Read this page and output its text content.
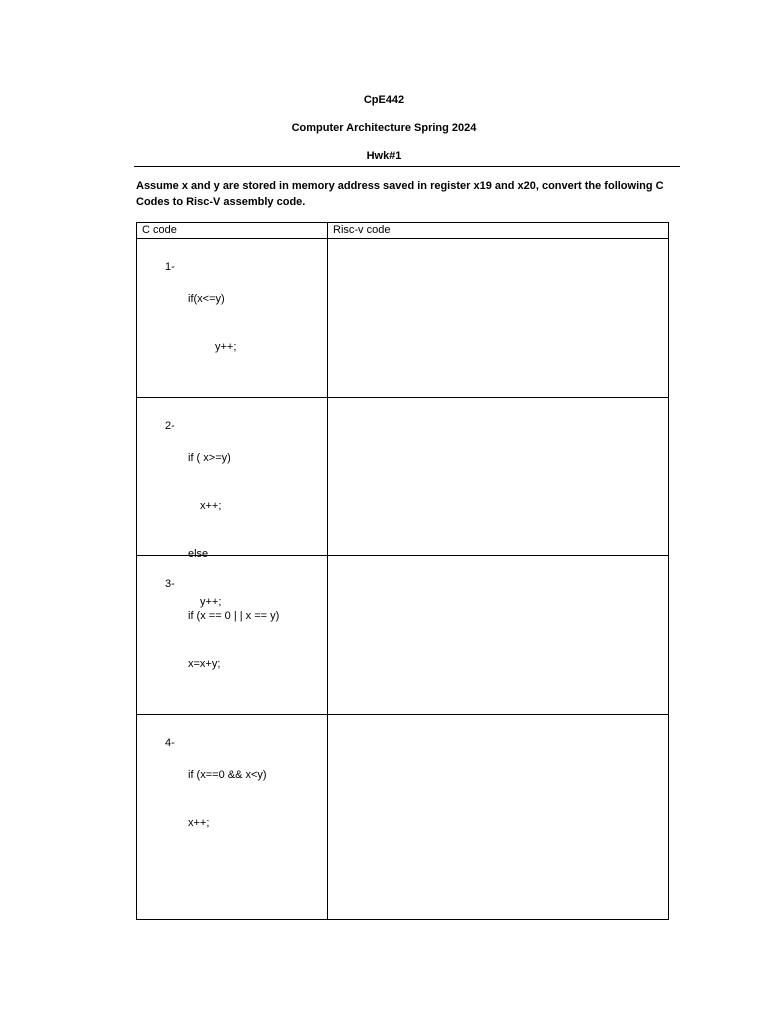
CpE442
Computer Architecture Spring 2024
Hwk#1
Assume x and y are stored in memory address saved in register x19 and x20, convert the following C Codes to Risc-V assembly code.
C code	Risc-v code

1-

if(x<=y)

y++;	

2-

if ( x>=y)

x++;

else

y++;	

3-

if (x == 0 | | x == y)

x=x+y;	

4-

if (x==0 && x<y)

x++;	
